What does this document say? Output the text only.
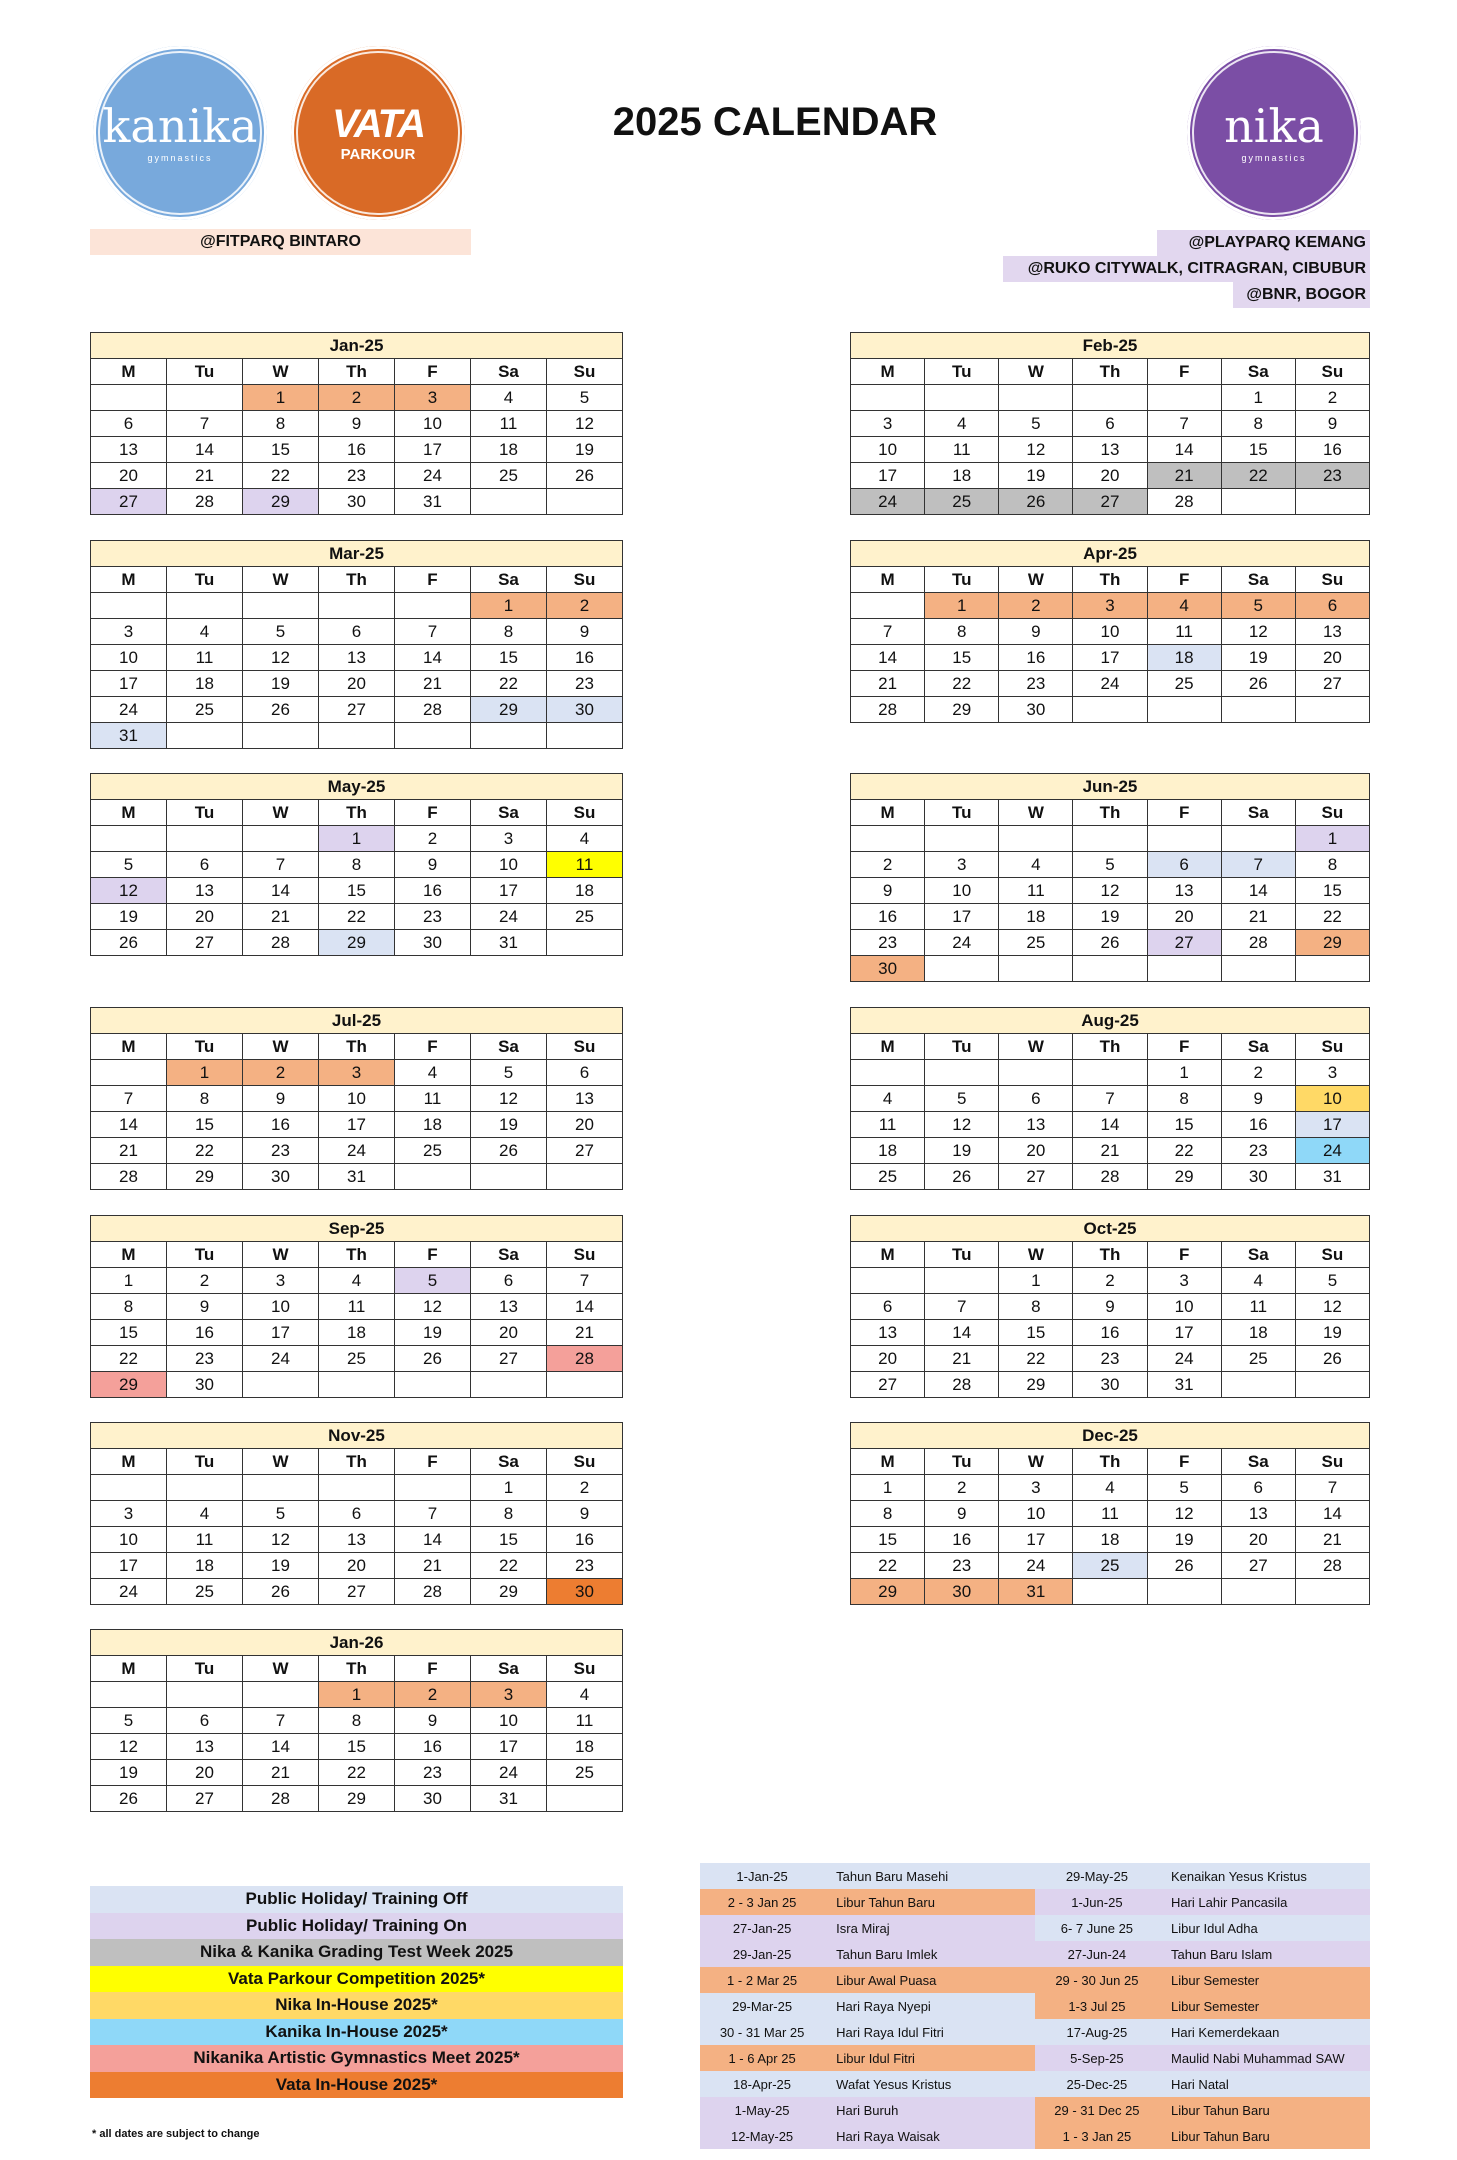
kanika
gymnastics
VATA
PARKOUR
nika
gymnastics
2025 CALENDAR
@FITPARQ BINTARO	@PLAYPARQ KEMANG
@RUKO CITYWALK, CITRAGRAN, CIBUBUR
@BNR, BOGOR
Jan-25						
M	Tu	W	Th	F	Sa	Su
		1	2	3	4	5
6	7	8	9	10	11	12
13	14	15	16	17	18	19
20	21	22	23	24	25	26
27	28	29	30	31		
Feb-25						
M	Tu	W	Th	F	Sa	Su
					1	2
3	4	5	6	7	8	9
10	11	12	13	14	15	16
17	18	19	20	21	22	23
24	25	26	27	28		
Mar-25						
M	Tu	W	Th	F	Sa	Su
					1	2
3	4	5	6	7	8	9
10	11	12	13	14	15	16
17	18	19	20	21	22	23
24	25	26	27	28	29	30
31						
Apr-25						
M	Tu	W	Th	F	Sa	Su
	1	2	3	4	5	6
7	8	9	10	11	12	13
14	15	16	17	18	19	20
21	22	23	24	25	26	27
28	29	30				
May-25						
M	Tu	W	Th	F	Sa	Su
			1	2	3	4
5	6	7	8	9	10	11
12	13	14	15	16	17	18
19	20	21	22	23	24	25
26	27	28	29	30	31	
Jun-25						
M	Tu	W	Th	F	Sa	Su
						1
2	3	4	5	6	7	8
9	10	11	12	13	14	15
16	17	18	19	20	21	22
23	24	25	26	27	28	29
30						
Jul-25						
M	Tu	W	Th	F	Sa	Su
	1	2	3	4	5	6
7	8	9	10	11	12	13
14	15	16	17	18	19	20
21	22	23	24	25	26	27
28	29	30	31			
Aug-25						
M	Tu	W	Th	F	Sa	Su
				1	2	3
4	5	6	7	8	9	10
11	12	13	14	15	16	17
18	19	20	21	22	23	24
25	26	27	28	29	30	31
Sep-25						
M	Tu	W	Th	F	Sa	Su
1	2	3	4	5	6	7
8	9	10	11	12	13	14
15	16	17	18	19	20	21
22	23	24	25	26	27	28
29	30					
Oct-25						
M	Tu	W	Th	F	Sa	Su
		1	2	3	4	5
6	7	8	9	10	11	12
13	14	15	16	17	18	19
20	21	22	23	24	25	26
27	28	29	30	31		
Nov-25						
M	Tu	W	Th	F	Sa	Su
					1	2
3	4	5	6	7	8	9
10	11	12	13	14	15	16
17	18	19	20	21	22	23
24	25	26	27	28	29	30
Dec-25						
M	Tu	W	Th	F	Sa	Su
1	2	3	4	5	6	7
8	9	10	11	12	13	14
15	16	17	18	19	20	21
22	23	24	25	26	27	28
29	30	31				
Jan-26						
M	Tu	W	Th	F	Sa	Su
			1	2	3	4
5	6	7	8	9	10	11
12	13	14	15	16	17	18
19	20	21	22	23	24	25
26	27	28	29	30	31	
Public Holiday/ Training Off
Public Holiday/ Training On
Nika & Kanika Grading Test Week 2025
Vata Parkour Competition 2025*
Nika In-House 2025*
Kanika In-House 2025*
Nikanika Artistic Gymnastics Meet 2025*
Vata In-House 2025*
* all dates are subject to change
1-Jan-25	Tahun Baru Masehi	29-May-25	Kenaikan Yesus Kristus
2 - 3 Jan 25	Libur Tahun Baru	1-Jun-25	Hari Lahir Pancasila
27-Jan-25	Isra Miraj	6- 7 June 25	Libur Idul Adha
29-Jan-25	Tahun Baru Imlek	27-Jun-24	Tahun Baru Islam
1 - 2 Mar 25	Libur Awal Puasa	29 - 30 Jun 25	Libur Semester
29-Mar-25	Hari Raya Nyepi	1-3 Jul 25	Libur Semester
30 - 31 Mar 25	Hari Raya Idul Fitri	17-Aug-25	Hari Kemerdekaan
1 - 6 Apr 25	Libur Idul Fitri	5-Sep-25	Maulid Nabi Muhammad SAW
18-Apr-25	Wafat Yesus Kristus	25-Dec-25	Hari Natal
1-May-25	Hari Buruh	29 - 31 Dec 25	Libur Tahun Baru
12-May-25	Hari Raya Waisak	1 - 3 Jan 25	Libur Tahun Baru
